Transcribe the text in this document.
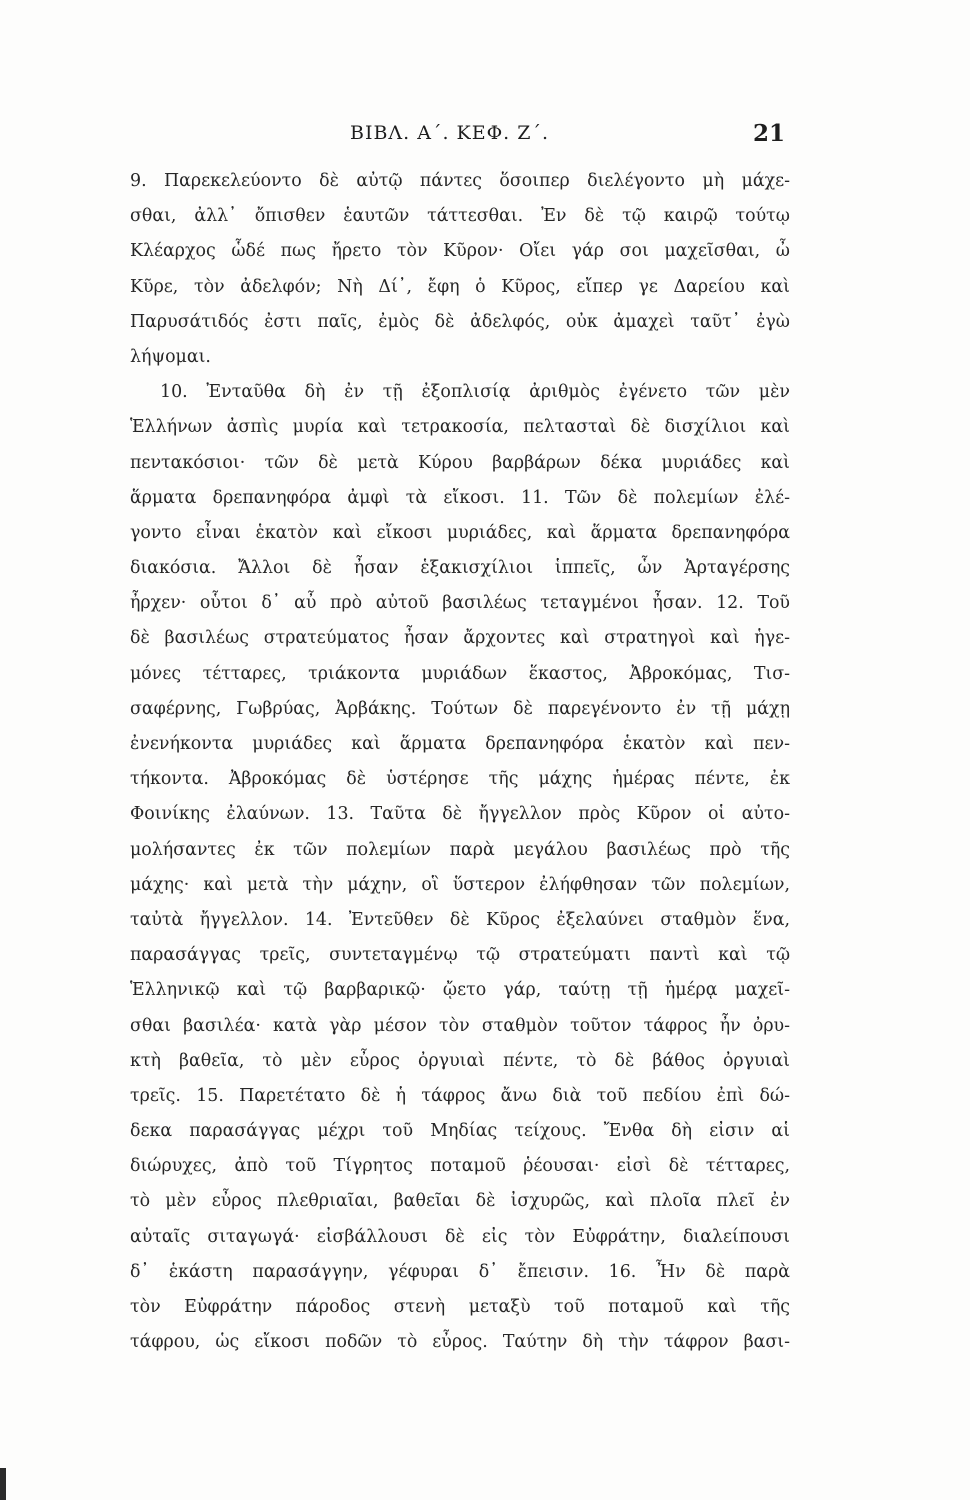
ΒΙΒΛ. Α΄. ΚΕΦ. Ζ΄.	21
9. Παρεκελεύοντο δὲ αὐτῷ πάντες ὅσοιπερ διελέγοντο μὴ μάχε-
σθαι, ἀλλ᾽ ὄπισθεν ἑαυτῶν τάττεσθαι. Ἐν δὲ τῷ καιρῷ τούτῳ
Κλέαρχος ὧδέ πως ἤρετο τὸν Κῦρον· Οἴει γάρ σοι μαχεῖσθαι, ὦ
Κῦρε, τὸν ἀδελφόν; Νὴ Δί᾽, ἔφη ὁ Κῦρος, εἴπερ γε Δαρείου καὶ
Παρυσάτιδός ἐστι παῖς, ἐμὸς δὲ ἀδελφός, οὐκ ἀμαχεὶ ταῦτ᾽ ἐγὼ
λήψομαι.
10. Ἐνταῦθα δὴ ἐν τῇ ἐξοπλισίᾳ ἀριθμὸς ἐγένετο τῶν μὲν
Ἑλλήνων ἀσπὶς μυρία καὶ τετρακοσία, πελτασταὶ δὲ δισχίλιοι καὶ
πεντακόσιοι· τῶν δὲ μετὰ Κύρου βαρβάρων δέκα μυριάδες καὶ
ἅρματα δρεπανηφόρα ἀμφὶ τὰ εἴκοσι. 11. Τῶν δὲ πολεμίων ἐλέ-
γοντο εἶναι ἑκατὸν καὶ εἴκοσι μυριάδες, καὶ ἅρματα δρεπανηφόρα
διακόσια. Ἄλλοι δὲ ἦσαν ἑξακισχίλιοι ἱππεῖς, ὧν Ἀρταγέρσης
ἦρχεν· οὗτοι δ᾽ αὖ πρὸ αὐτοῦ βασιλέως τεταγμένοι ἦσαν. 12. Τοῦ
δὲ βασιλέως στρατεύματος ἦσαν ἄρχοντες καὶ στρατηγοὶ καὶ ἡγε-
μόνες τέτταρες, τριάκοντα μυριάδων ἕκαστος, Ἀβροκόμας, Τισ-
σαφέρνης, Γωβρύας, Ἀρβάκης. Τούτων δὲ παρεγένοντο ἐν τῇ μάχῃ
ἐνενήκοντα μυριάδες καὶ ἅρματα δρεπανηφόρα ἑκατὸν καὶ πεν-
τήκοντα. Ἀβροκόμας δὲ ὑστέρησε τῆς μάχης ἡμέρας πέντε, ἐκ
Φοινίκης ἐλαύνων. 13. Ταῦτα δὲ ἤγγελλον πρὸς Κῦρον οἱ αὐτο-
μολήσαντες ἐκ τῶν πολεμίων παρὰ μεγάλου βασιλέως πρὸ τῆς
μάχης· καὶ μετὰ τὴν μάχην, οἳ ὕστερον ἐλήφθησαν τῶν πολεμίων,
ταὐτὰ ἤγγελλον. 14. Ἐντεῦθεν δὲ Κῦρος ἐξελαύνει σταθμὸν ἕνα,
παρασάγγας τρεῖς, συντεταγμένῳ τῷ στρατεύματι παντὶ καὶ τῷ
Ἑλληνικῷ καὶ τῷ βαρβαρικῷ· ᾤετο γάρ, ταύτῃ τῇ ἡμέρᾳ μαχεῖ-
σθαι βασιλέα· κατὰ γὰρ μέσον τὸν σταθμὸν τοῦτον τάφρος ἦν ὀρυ-
κτὴ βαθεῖα, τὸ μὲν εὖρος ὀργυιαὶ πέντε, τὸ δὲ βάθος ὀργυιαὶ
τρεῖς. 15. Παρετέτατο δὲ ἡ τάφρος ἄνω διὰ τοῦ πεδίου ἐπὶ δώ-
δεκα παρασάγγας μέχρι τοῦ Μηδίας τείχους. Ἔνθα δὴ εἰσιν αἱ
διώρυχες, ἀπὸ τοῦ Τίγρητος ποταμοῦ ῥέουσαι· εἰσὶ δὲ τέτταρες,
τὸ μὲν εὖρος πλεθριαῖαι, βαθεῖαι δὲ ἰσχυρῶς, καὶ πλοῖα πλεῖ ἐν
αὐταῖς σιταγωγά· εἰσβάλλουσι δὲ εἰς τὸν Εὐφράτην, διαλείπουσι
δ᾽ ἑκάστη παρασάγγην, γέφυραι δ᾽ ἔπεισιν. 16. Ἦν δὲ παρὰ
τὸν Εὐφράτην πάροδος στενὴ μεταξὺ τοῦ ποταμοῦ καὶ τῆς
τάφρου, ὡς εἴκοσι ποδῶν τὸ εὖρος. Ταύτην δὴ τὴν τάφρον βασι-
